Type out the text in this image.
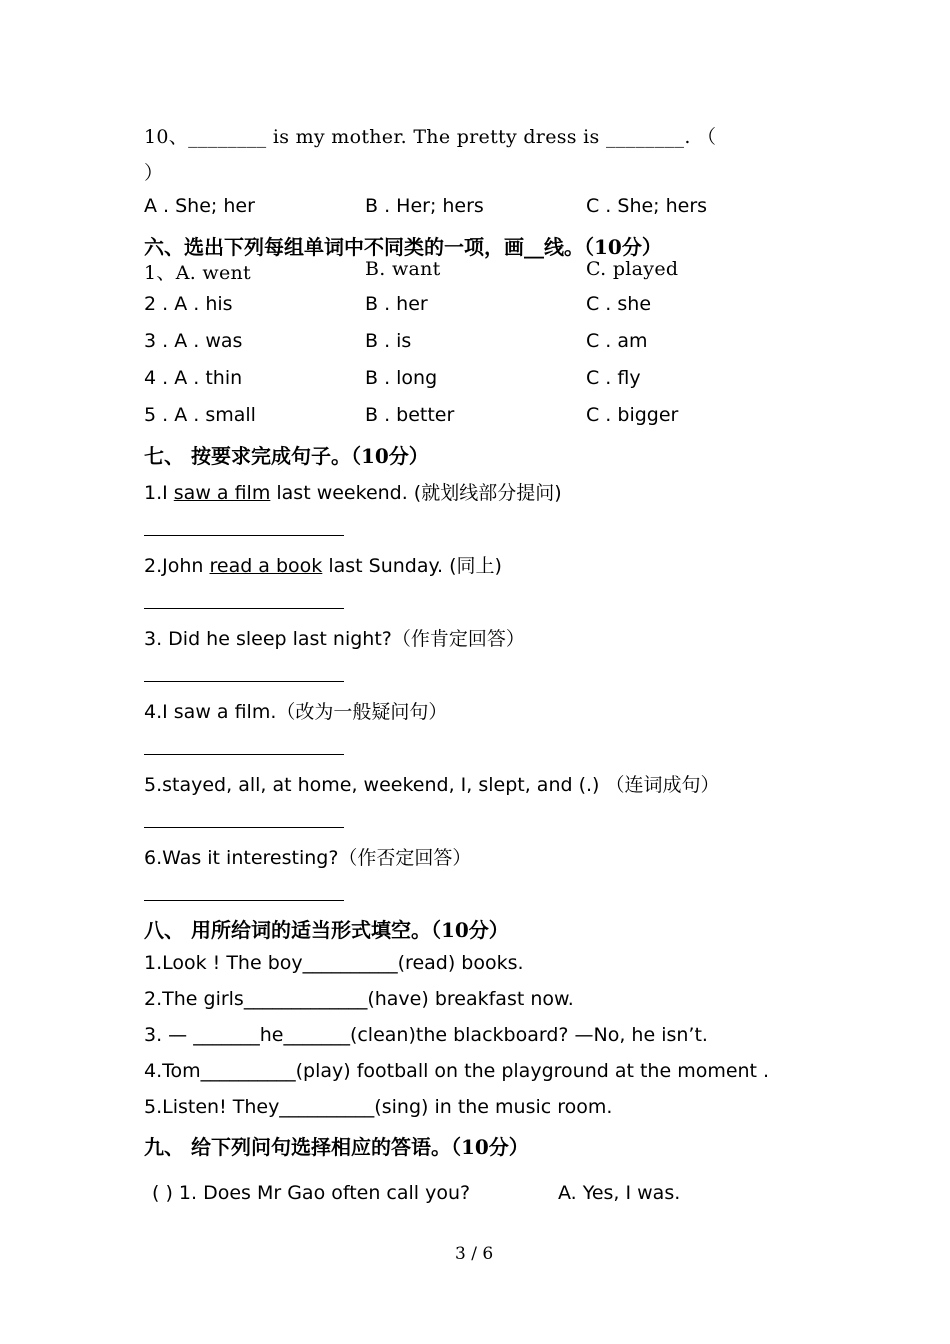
10、________ is my mother. The pretty dress is ________. （
）
A . She; her	B . Her; hers	C . She; hers
六、选出下列每组单词中不同类的一项，画__线。（10分）
1、A. went	B. want	C. played
2 . A . his	B . her	C . she
3 . A . was	B . is	C . am
4 . A . thin	B . long	C . fly
5 . A . small	B . better	C . bigger
七、 按要求完成句子。（10分）
1.I saw a film last weekend. (就划线部分提问)
2.John read a book last Sunday. (同上)
3. Did he sleep last night?（作肯定回答）
4.I saw a film.（改为一般疑问句）
5.stayed, all, at home, weekend, I, slept, and (.) （连词成句）
6.Was it interesting?（作否定回答）
八、 用所给词的适当形式填空。（10分）
1.Look ! The boy__________(read) books.
2.The girls_____________(have) breakfast now.
3. — _______he_______(clean)the blackboard? —No, he isn’t.
4.Tom__________(play) football on the playground at the moment .
5.Listen! They__________(sing) in the music room.
九、 给下列问句选择相应的答语。（10分）
( ) 1. Does Mr Gao often call you?	A. Yes, I was.
3 / 6
